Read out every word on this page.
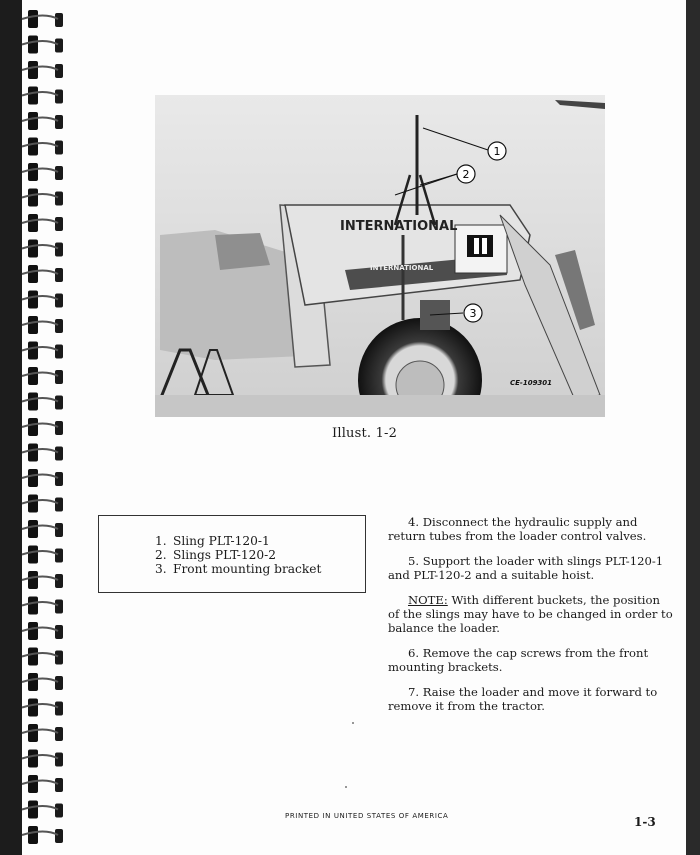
INTERNATIONAL
INTERNATIONAL
CE-109301
1
2
3
Illust. 1-2
1. Sling PLT-120-1
2. Slings PLT-120-2
3. Front mounting bracket

4. Disconnect the hydraulic supply and return tubes from the loader control valves.

5. Support the loader with slings PLT-120-1 and PLT-120-2 and a suitable hoist.

NOTE: With different buckets, the position of the slings may have to be changed in order to balance the loader.

6. Remove the cap screws from the front mounting brackets.

7. Raise the loader and move it forward to remove it from the tractor.

PRINTED IN UNITED STATES OF AMERICA	1-3
